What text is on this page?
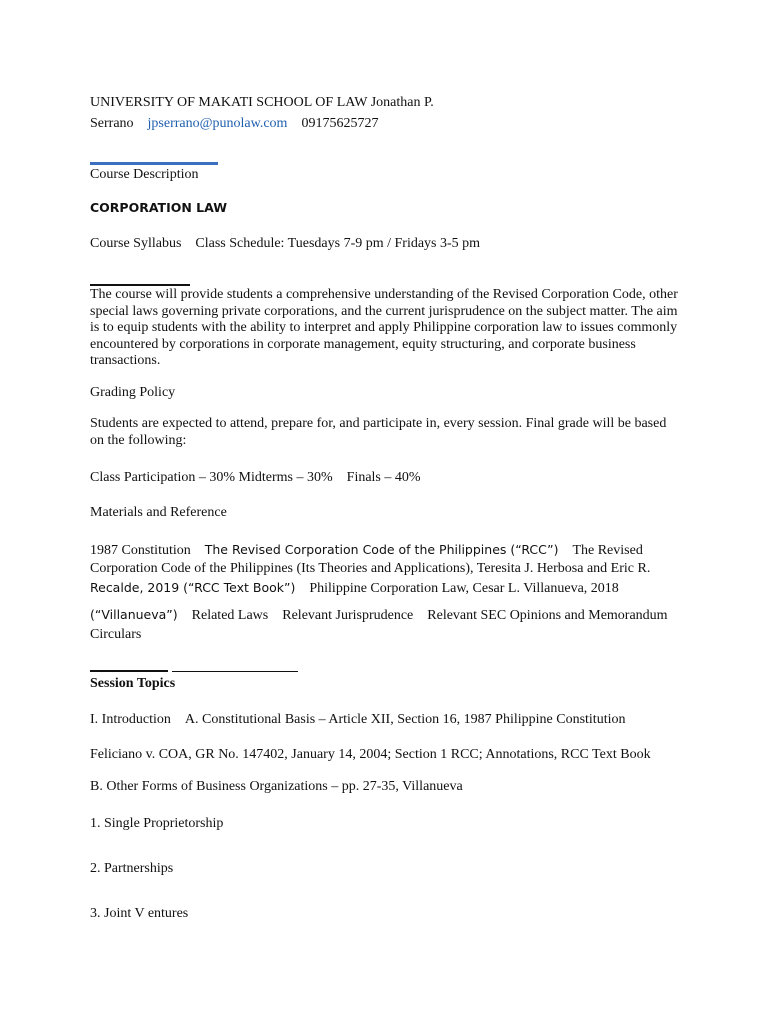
UNIVERSITY OF MAKATI SCHOOL OF LAW Jonathan P.
Serrano jpserrano@punolaw.com 09175625727
Course Description
CORPORATION LAW
Course Syllabus Class Schedule: Tuesdays 7-9 pm / Fridays 3-5 pm
The course will provide students a comprehensive understanding of the Revised Corporation Code, other special laws governing private corporations, and the current jurisprudence on the subject matter. The aim is to equip students with the ability to interpret and apply Philippine corporation law to issues commonly encountered by corporations in corporate management, equity structuring, and corporate business transactions.
Grading Policy
Students are expected to attend, prepare for, and participate in, every session. Final grade will be based on the following:
Class Participation – 30% Midterms – 30% Finals – 40%
Materials and Reference
1987 Constitution The Revised Corporation Code of the Philippines (“RCC”) The Revised
Corporation Code of the Philippines (Its Theories and Applications), Teresita J. Herbosa and Eric R.
Recalde, 2019 (“RCC Text Book”) Philippine Corporation Law, Cesar L. Villanueva, 2018
(“Villanueva”) Related Laws Relevant Jurisprudence Relevant SEC Opinions and Memorandum
Circulars
Session Topics
I. Introduction A. Constitutional Basis – Article XII, Section 16, 1987 Philippine Constitution
Feliciano v. COA, GR No. 147402, January 14, 2004; Section 1 RCC; Annotations, RCC Text Book
B. Other Forms of Business Organizations – pp. 27-35, Villanueva
1. Single Proprietorship
2. Partnerships
3. Joint V entures
